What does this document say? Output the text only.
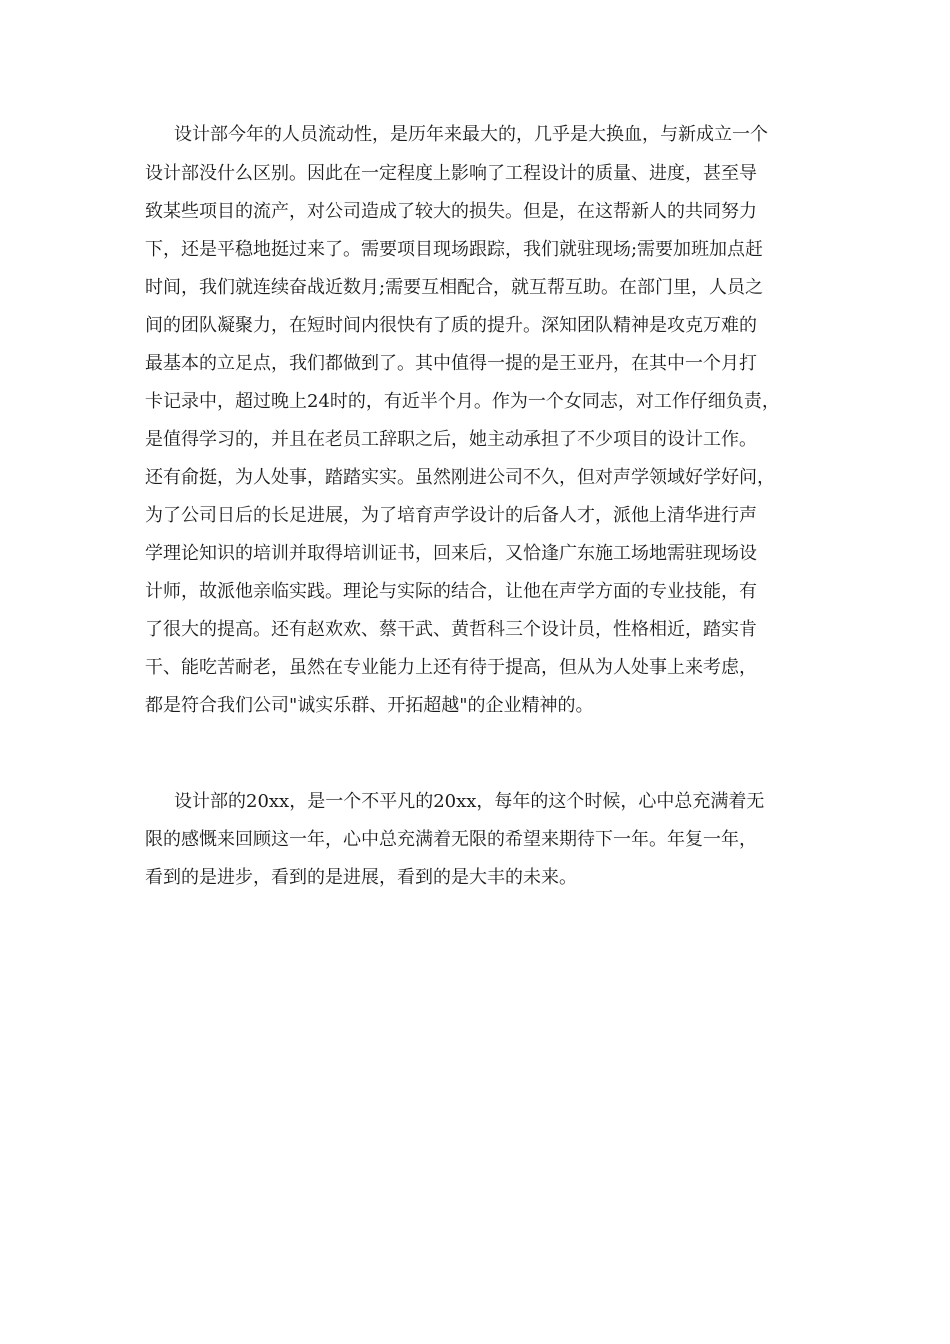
设计部今年的人员流动性，是历年来最大的，几乎是大换血，与新成立一个
设计部没什么区别。因此在一定程度上影响了工程设计的质量、进度，甚至导
致某些项目的流产，对公司造成了较大的损失。但是，在这帮新人的共同努力
下，还是平稳地挺过来了。需要项目现场跟踪，我们就驻现场;需要加班加点赶
时间，我们就连续奋战近数月;需要互相配合，就互帮互助。在部门里，人员之
间的团队凝聚力，在短时间内很快有了质的提升。深知团队精神是攻克万难的
最基本的立足点，我们都做到了。其中值得一提的是王亚丹，在其中一个月打
卡记录中，超过晚上24时的，有近半个月。作为一个女同志，对工作仔细负责，
是值得学习的，并且在老员工辞职之后，她主动承担了不少项目的设计工作。
还有俞挺，为人处事，踏踏实实。虽然刚进公司不久，但对声学领域好学好问，
为了公司日后的长足进展，为了培育声学设计的后备人才，派他上清华进行声
学理论知识的培训并取得培训证书，回来后，又恰逢广东施工场地需驻现场设
计师，故派他亲临实践。理论与实际的结合，让他在声学方面的专业技能，有
了很大的提高。还有赵欢欢、蔡干武、黄哲科三个设计员，性格相近，踏实肯
干、能吃苦耐老，虽然在专业能力上还有待于提高，但从为人处事上来考虑，
都是符合我们公司"诚实乐群、开拓超越"的企业精神的。
设计部的20xx，是一个不平凡的20xx，每年的这个时候，心中总充满着无
限的感慨来回顾这一年，心中总充满着无限的希望来期待下一年。年复一年，
看到的是进步，看到的是进展，看到的是大丰的未来。
